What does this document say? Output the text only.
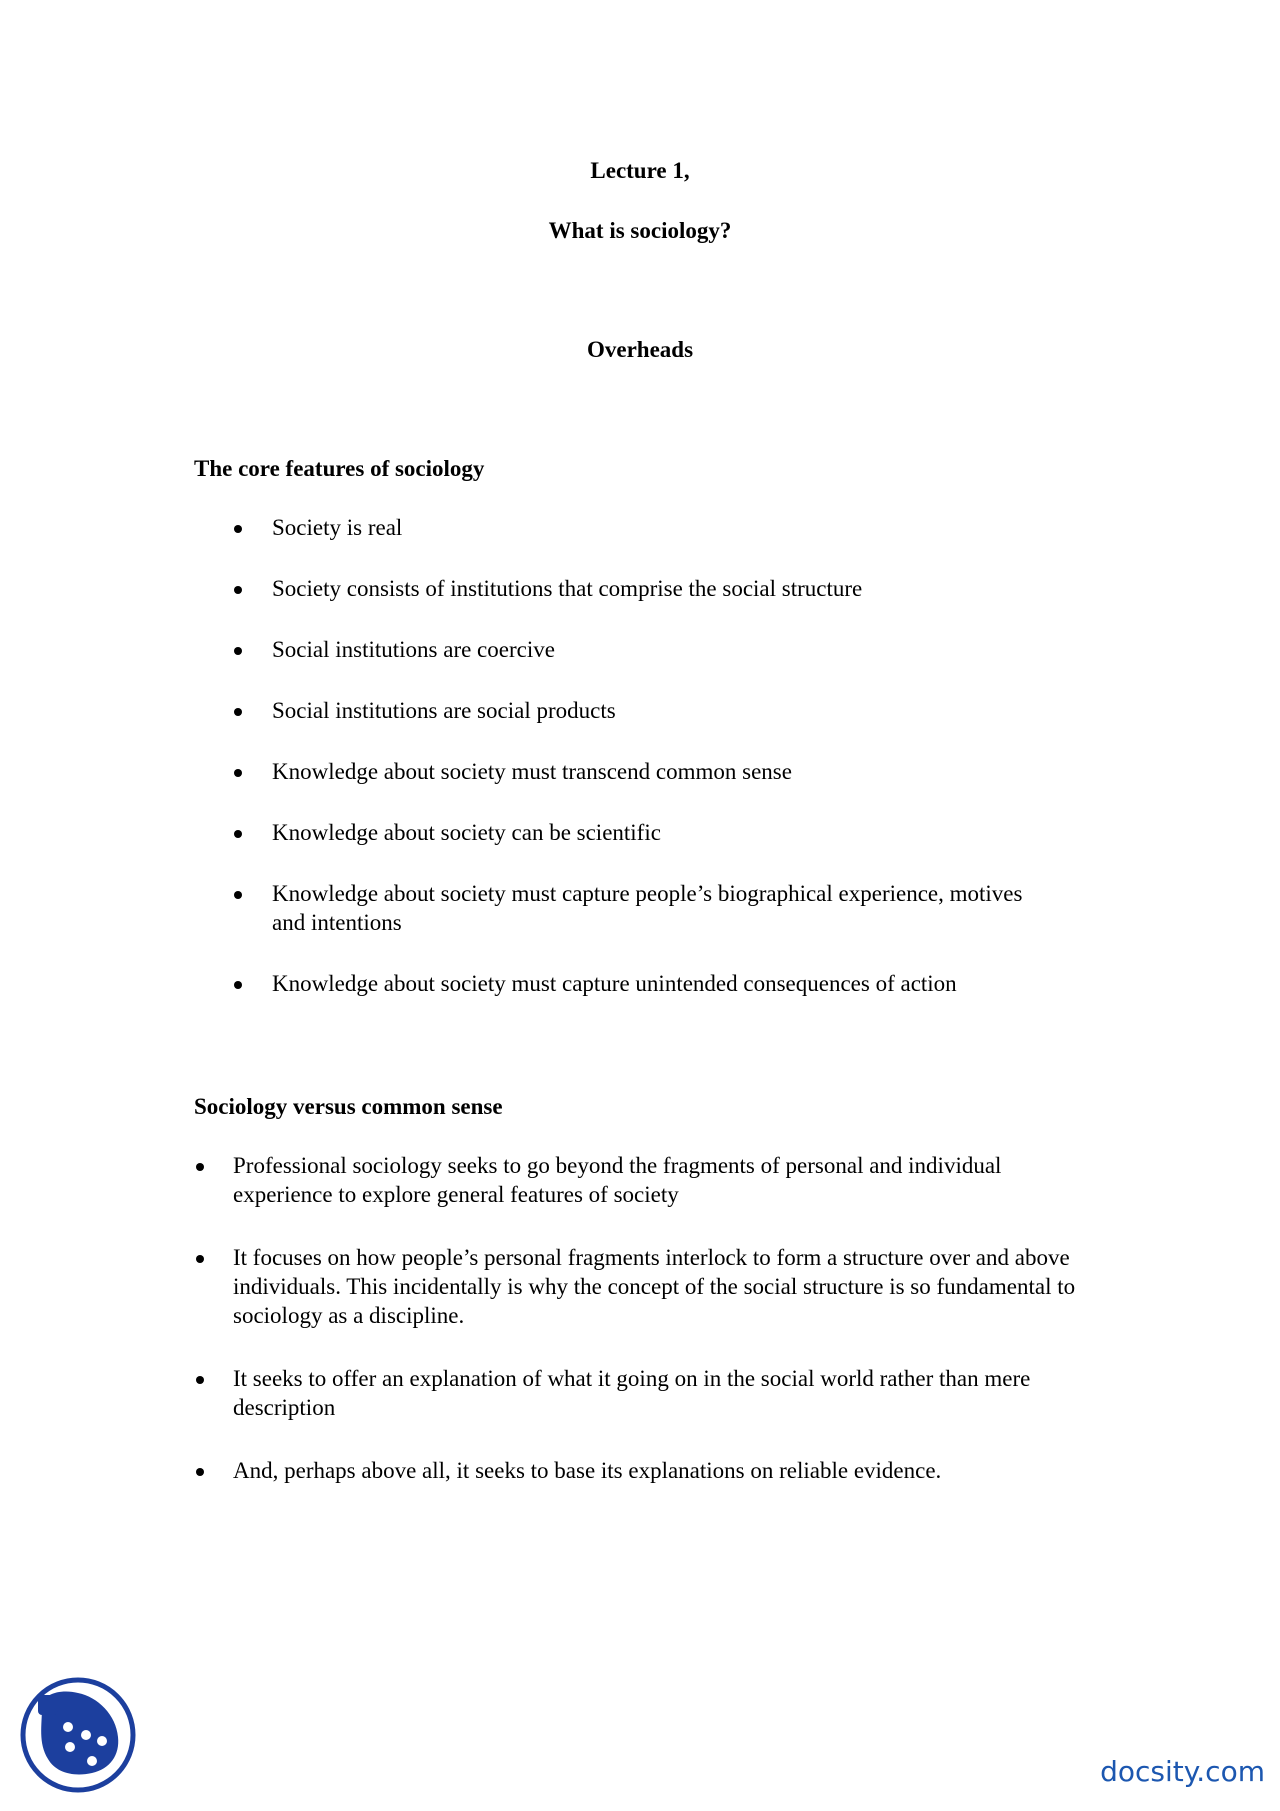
Lecture 1,
What is sociology?
Overheads
The core features of sociology
Society is real
Society consists of institutions that comprise the social structure
Social institutions are coercive
Social institutions are social products
Knowledge about society must transcend common sense
Knowledge about society can be scientific
Knowledge about society must capture people’s biographical experience, motives and intentions
Knowledge about society must capture unintended consequences of action
Sociology versus common sense
Professional sociology seeks to go beyond the fragments of personal and individual experience to explore general features of society
It focuses on how people’s personal fragments interlock to form a structure over and above individuals. This incidentally is why the concept of the social structure is so fundamental to sociology as a discipline.
It seeks to offer an explanation of what it going on in the social world rather than mere description
And, perhaps above all, it seeks to base its explanations on reliable evidence.
docsity.com
